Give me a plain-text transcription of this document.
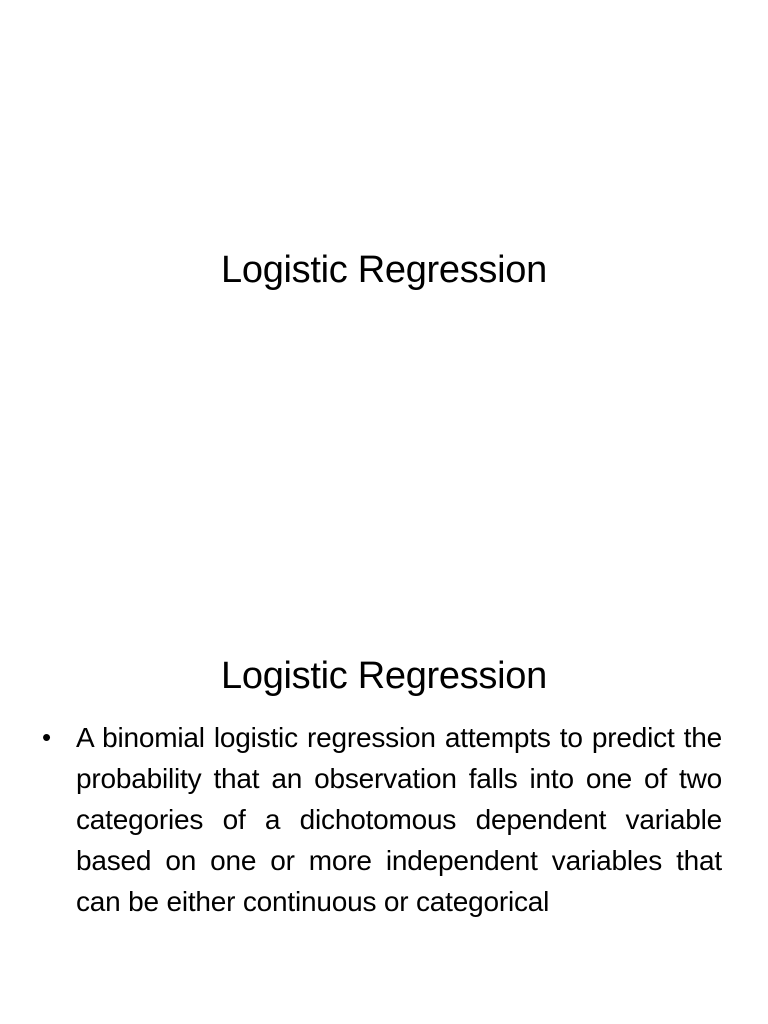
Logistic Regression
Logistic Regression
• A binomial logistic regression attempts to predict the probability that an observation falls into one of two categories of a dichotomous dependent variable based on one or more independent variables that can be either continuous or categorical
